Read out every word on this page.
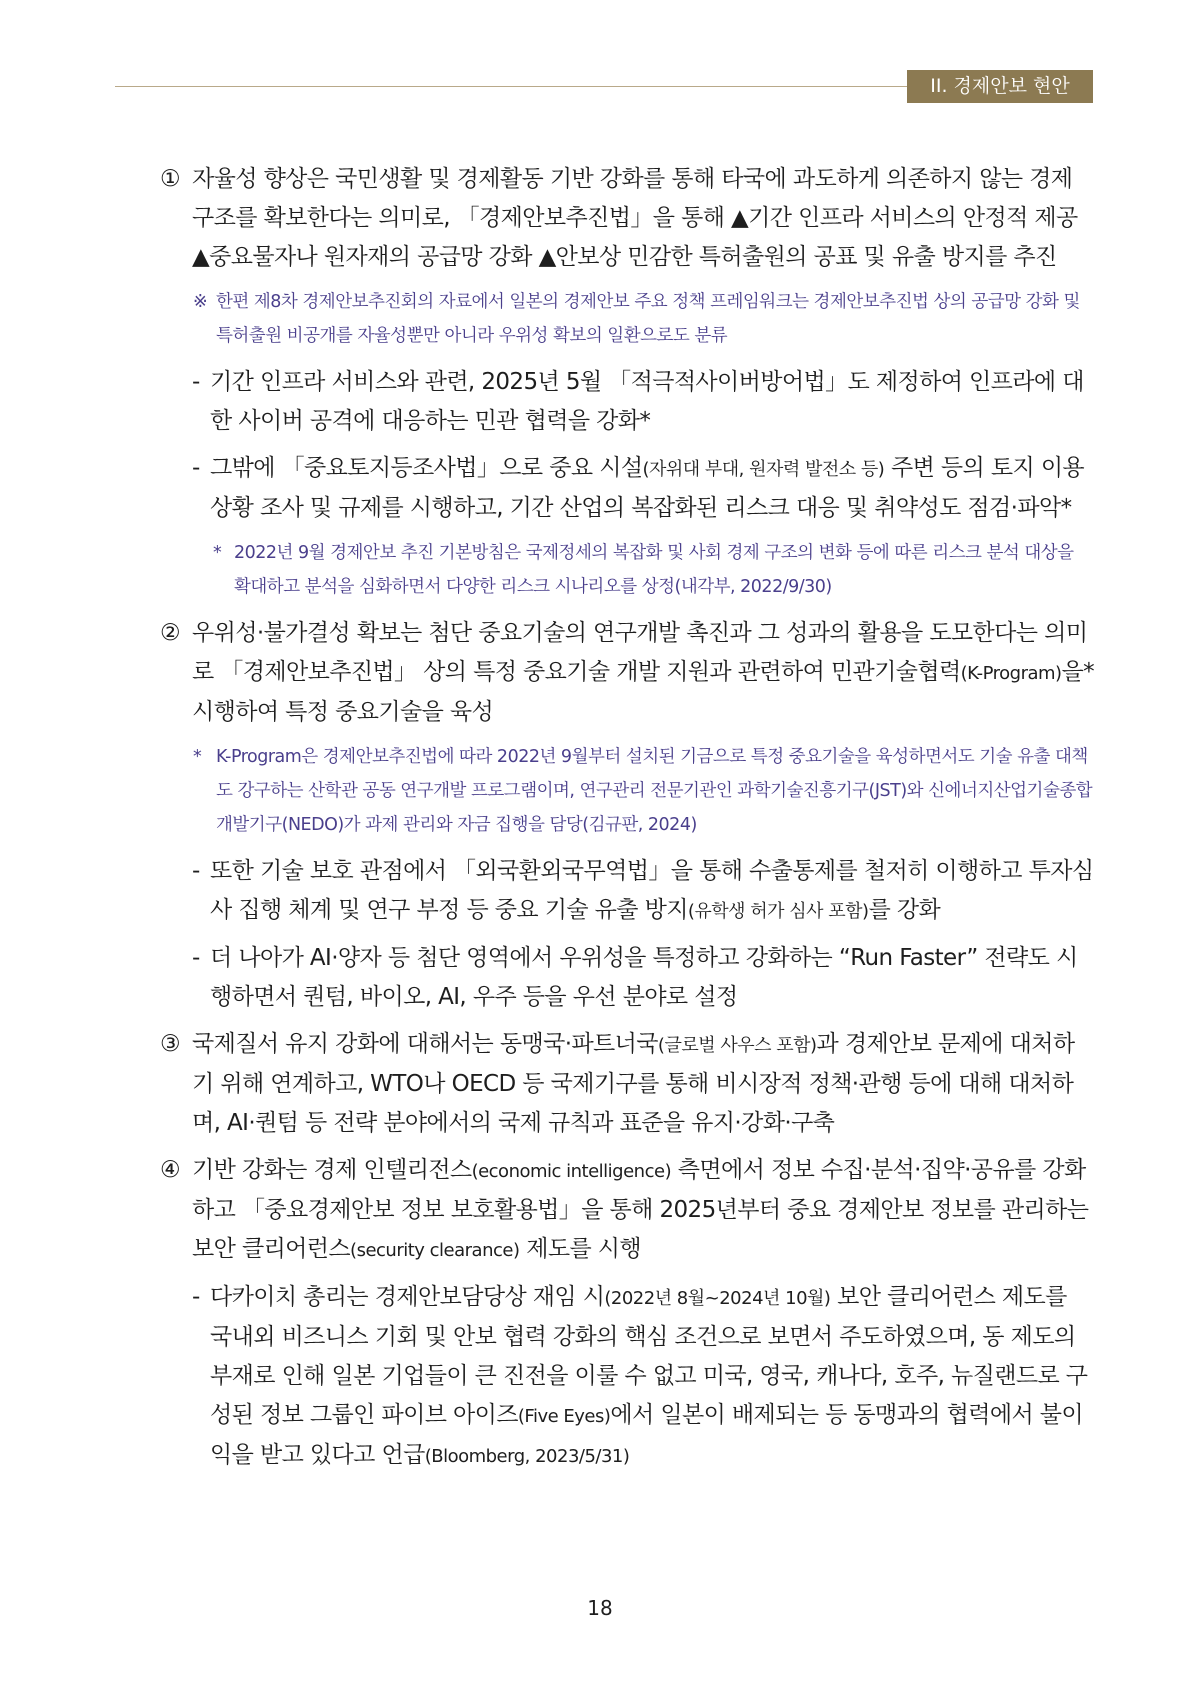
II. 경제안보 현안
① 자율성 향상은 국민생활 및 경제활동 기반 강화를 통해 타국에 과도하게 의존하지 않는 경제 구조를 확보한다는 의미로, 「경제안보추진법」을 통해 ▲기간 인프라 서비스의 안정적 제공 ▲중요물자나 원자재의 공급망 강화 ▲안보상 민감한 특허출원의 공표 및 유출 방지를 추진
※ 한편 제8차 경제안보추진회의 자료에서 일본의 경제안보 주요 정책 프레임워크는 경제안보추진법 상의 공급망 강화 및 특허출원 비공개를 자율성뿐만 아니라 우위성 확보의 일환으로도 분류
- 기간 인프라 서비스와 관련, 2025년 5월 「적극적사이버방어법」도 제정하여 인프라에 대한 사이버 공격에 대응하는 민관 협력을 강화*
- 그밖에 「중요토지등조사법」으로 중요 시설(자위대 부대, 원자력 발전소 등) 주변 등의 토지 이용 상황 조사 및 규제를 시행하고, 기간 산업의 복잡화된 리스크 대응 및 취약성도 점검·파악*
* 2022년 9월 경제안보 추진 기본방침은 국제정세의 복잡화 및 사회 경제 구조의 변화 등에 따른 리스크 분석 대상을 확대하고 분석을 심화하면서 다양한 리스크 시나리오를 상정(내각부, 2022/9/30)
② 우위성·불가결성 확보는 첨단 중요기술의 연구개발 촉진과 그 성과의 활용을 도모한다는 의미로 「경제안보추진법」 상의 특정 중요기술 개발 지원과 관련하여 민관기술협력(K-Program)을* 시행하여 특정 중요기술을 육성
* K-Program은 경제안보추진법에 따라 2022년 9월부터 설치된 기금으로 특정 중요기술을 육성하면서도 기술 유출 대책도 강구하는 산학관 공동 연구개발 프로그램이며, 연구관리 전문기관인 과학기술진흥기구(JST)와 신에너지산업기술종합개발기구(NEDO)가 과제 관리와 자금 집행을 담당(김규판, 2024)
- 또한 기술 보호 관점에서 「외국환외국무역법」을 통해 수출통제를 철저히 이행하고 투자심사 집행 체계 및 연구 부정 등 중요 기술 유출 방지(유학생 허가 심사 포함)를 강화
- 더 나아가 AI·양자 등 첨단 영역에서 우위성을 특정하고 강화하는 “Run Faster” 전략도 시행하면서 퀀텀, 바이오, AI, 우주 등을 우선 분야로 설정
③ 국제질서 유지 강화에 대해서는 동맹국·파트너국(글로벌 사우스 포함)과 경제안보 문제에 대처하기 위해 연계하고, WTO나 OECD 등 국제기구를 통해 비시장적 정책·관행 등에 대해 대처하며, AI·퀀텀 등 전략 분야에서의 국제 규칙과 표준을 유지·강화·구축
④ 기반 강화는 경제 인텔리전스(economic intelligence) 측면에서 정보 수집·분석·집약·공유를 강화하고 「중요경제안보 정보 보호활용법」을 통해 2025년부터 중요 경제안보 정보를 관리하는 보안 클리어런스(security clearance) 제도를 시행
- 다카이치 총리는 경제안보담당상 재임 시(2022년 8월~2024년 10월) 보안 클리어런스 제도를 국내외 비즈니스 기회 및 안보 협력 강화의 핵심 조건으로 보면서 주도하였으며, 동 제도의 부재로 인해 일본 기업들이 큰 진전을 이룰 수 없고 미국, 영국, 캐나다, 호주, 뉴질랜드로 구성된 정보 그룹인 파이브 아이즈(Five Eyes)에서 일본이 배제되는 등 동맹과의 협력에서 불이익을 받고 있다고 언급(Bloomberg, 2023/5/31)
18
